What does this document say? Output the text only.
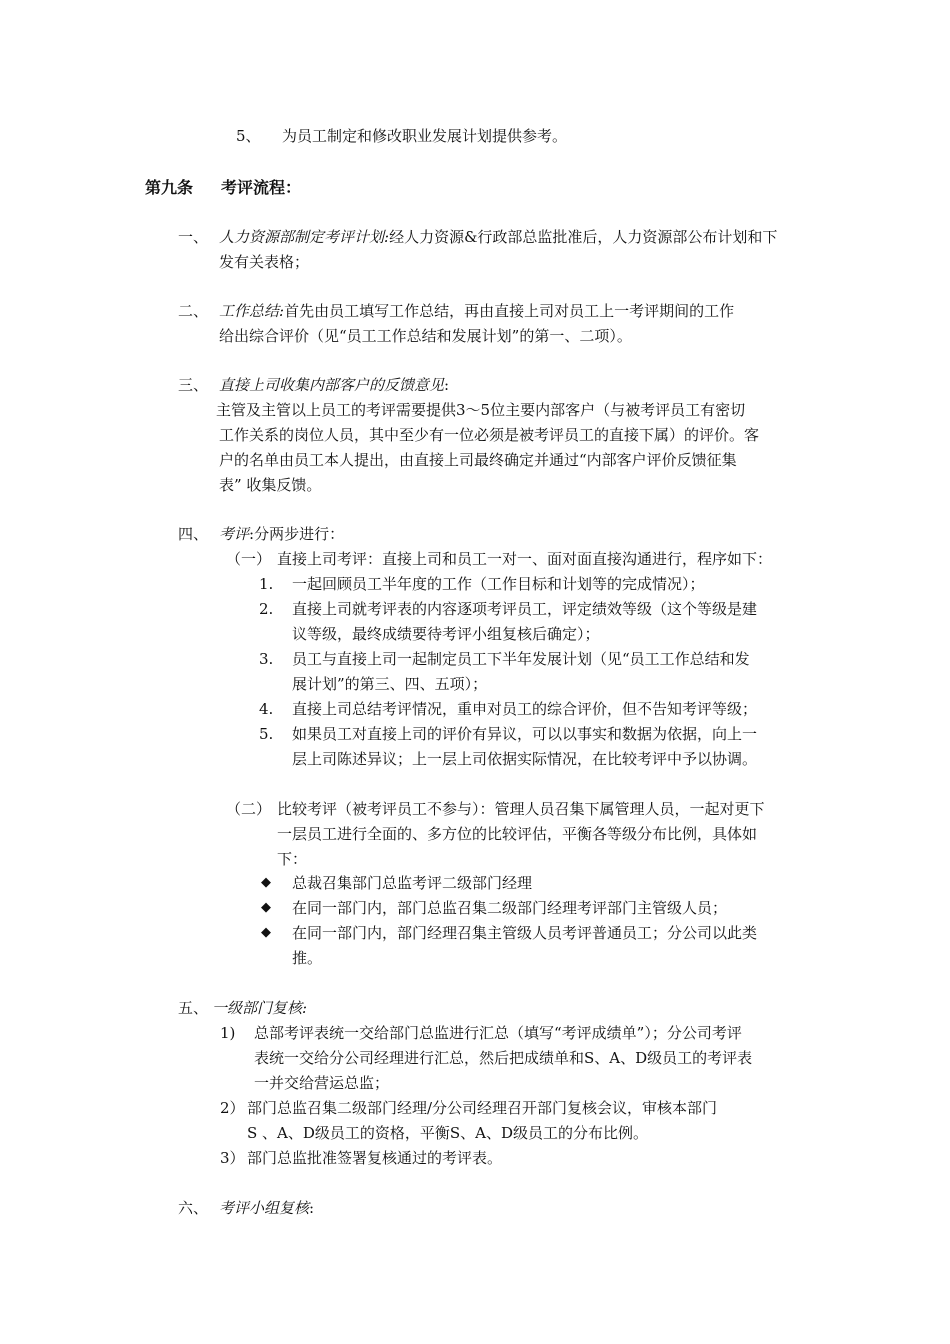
5、 为员工制定和修改职业发展计划提供参考。
第九条 考评流程：
一、 人力资源部制定考评计划:经人力资源&行政部总监批准后，人力资源部公布计划和下
发有关表格；
二、 工作总结:首先由员工填写工作总结，再由直接上司对员工上一考评期间的工作
给出综合评价（见“员工工作总结和发展计划”的第一、二项）。
三、 直接上司收集内部客户的反馈意见:
主管及主管以上员工的考评需要提供3～5位主要内部客户（与被考评员工有密切
工作关系的岗位人员，其中至少有一位必须是被考评员工的直接下属）的评价。客
户的名单由员工本人提出，由直接上司最终确定并通过“内部客户评价反馈征集
表” 收集反馈。
四、 考评:分两步进行：
（一） 直接上司考评：直接上司和员工一对一、面对面直接沟通进行，程序如下：
1. 一起回顾员工半年度的工作（工作目标和计划等的完成情况）；
2. 直接上司就考评表的内容逐项考评员工，评定绩效等级（这个等级是建
议等级，最终成绩要待考评小组复核后确定）；
3. 员工与直接上司一起制定员工下半年发展计划（见“员工工作总结和发
展计划”的第三、四、五项）；
4. 直接上司总结考评情况，重申对员工的综合评价，但不告知考评等级；
5. 如果员工对直接上司的评价有异议，可以以事实和数据为依据，向上一
层上司陈述异议；上一层上司依据实际情况，在比较考评中予以协调。
（二） 比较考评（被考评员工不参与）：管理人员召集下属管理人员，一起对更下
一层员工进行全面的、多方位的比较评估，平衡各等级分布比例，具体如
下：
◆ 总裁召集部门总监考评二级部门经理
◆ 在同一部门内，部门总监召集二级部门经理考评部门主管级人员；
◆ 在同一部门内，部门经理召集主管级人员考评普通员工；分公司以此类
推。
五、 一级部门复核:
1) 总部考评表统一交给部门总监进行汇总（填写“考评成绩单”）；分公司考评
表统一交给分公司经理进行汇总，然后把成绩单和S、A、D级员工的考评表
一并交给营运总监；
2） 部门总监召集二级部门经理/分公司经理召开部门复核会议，审核本部门
S 、A、D级员工的资格，平衡S、A、D级员工的分布比例。
3） 部门总监批准签署复核通过的考评表。
六、 考评小组复核:
